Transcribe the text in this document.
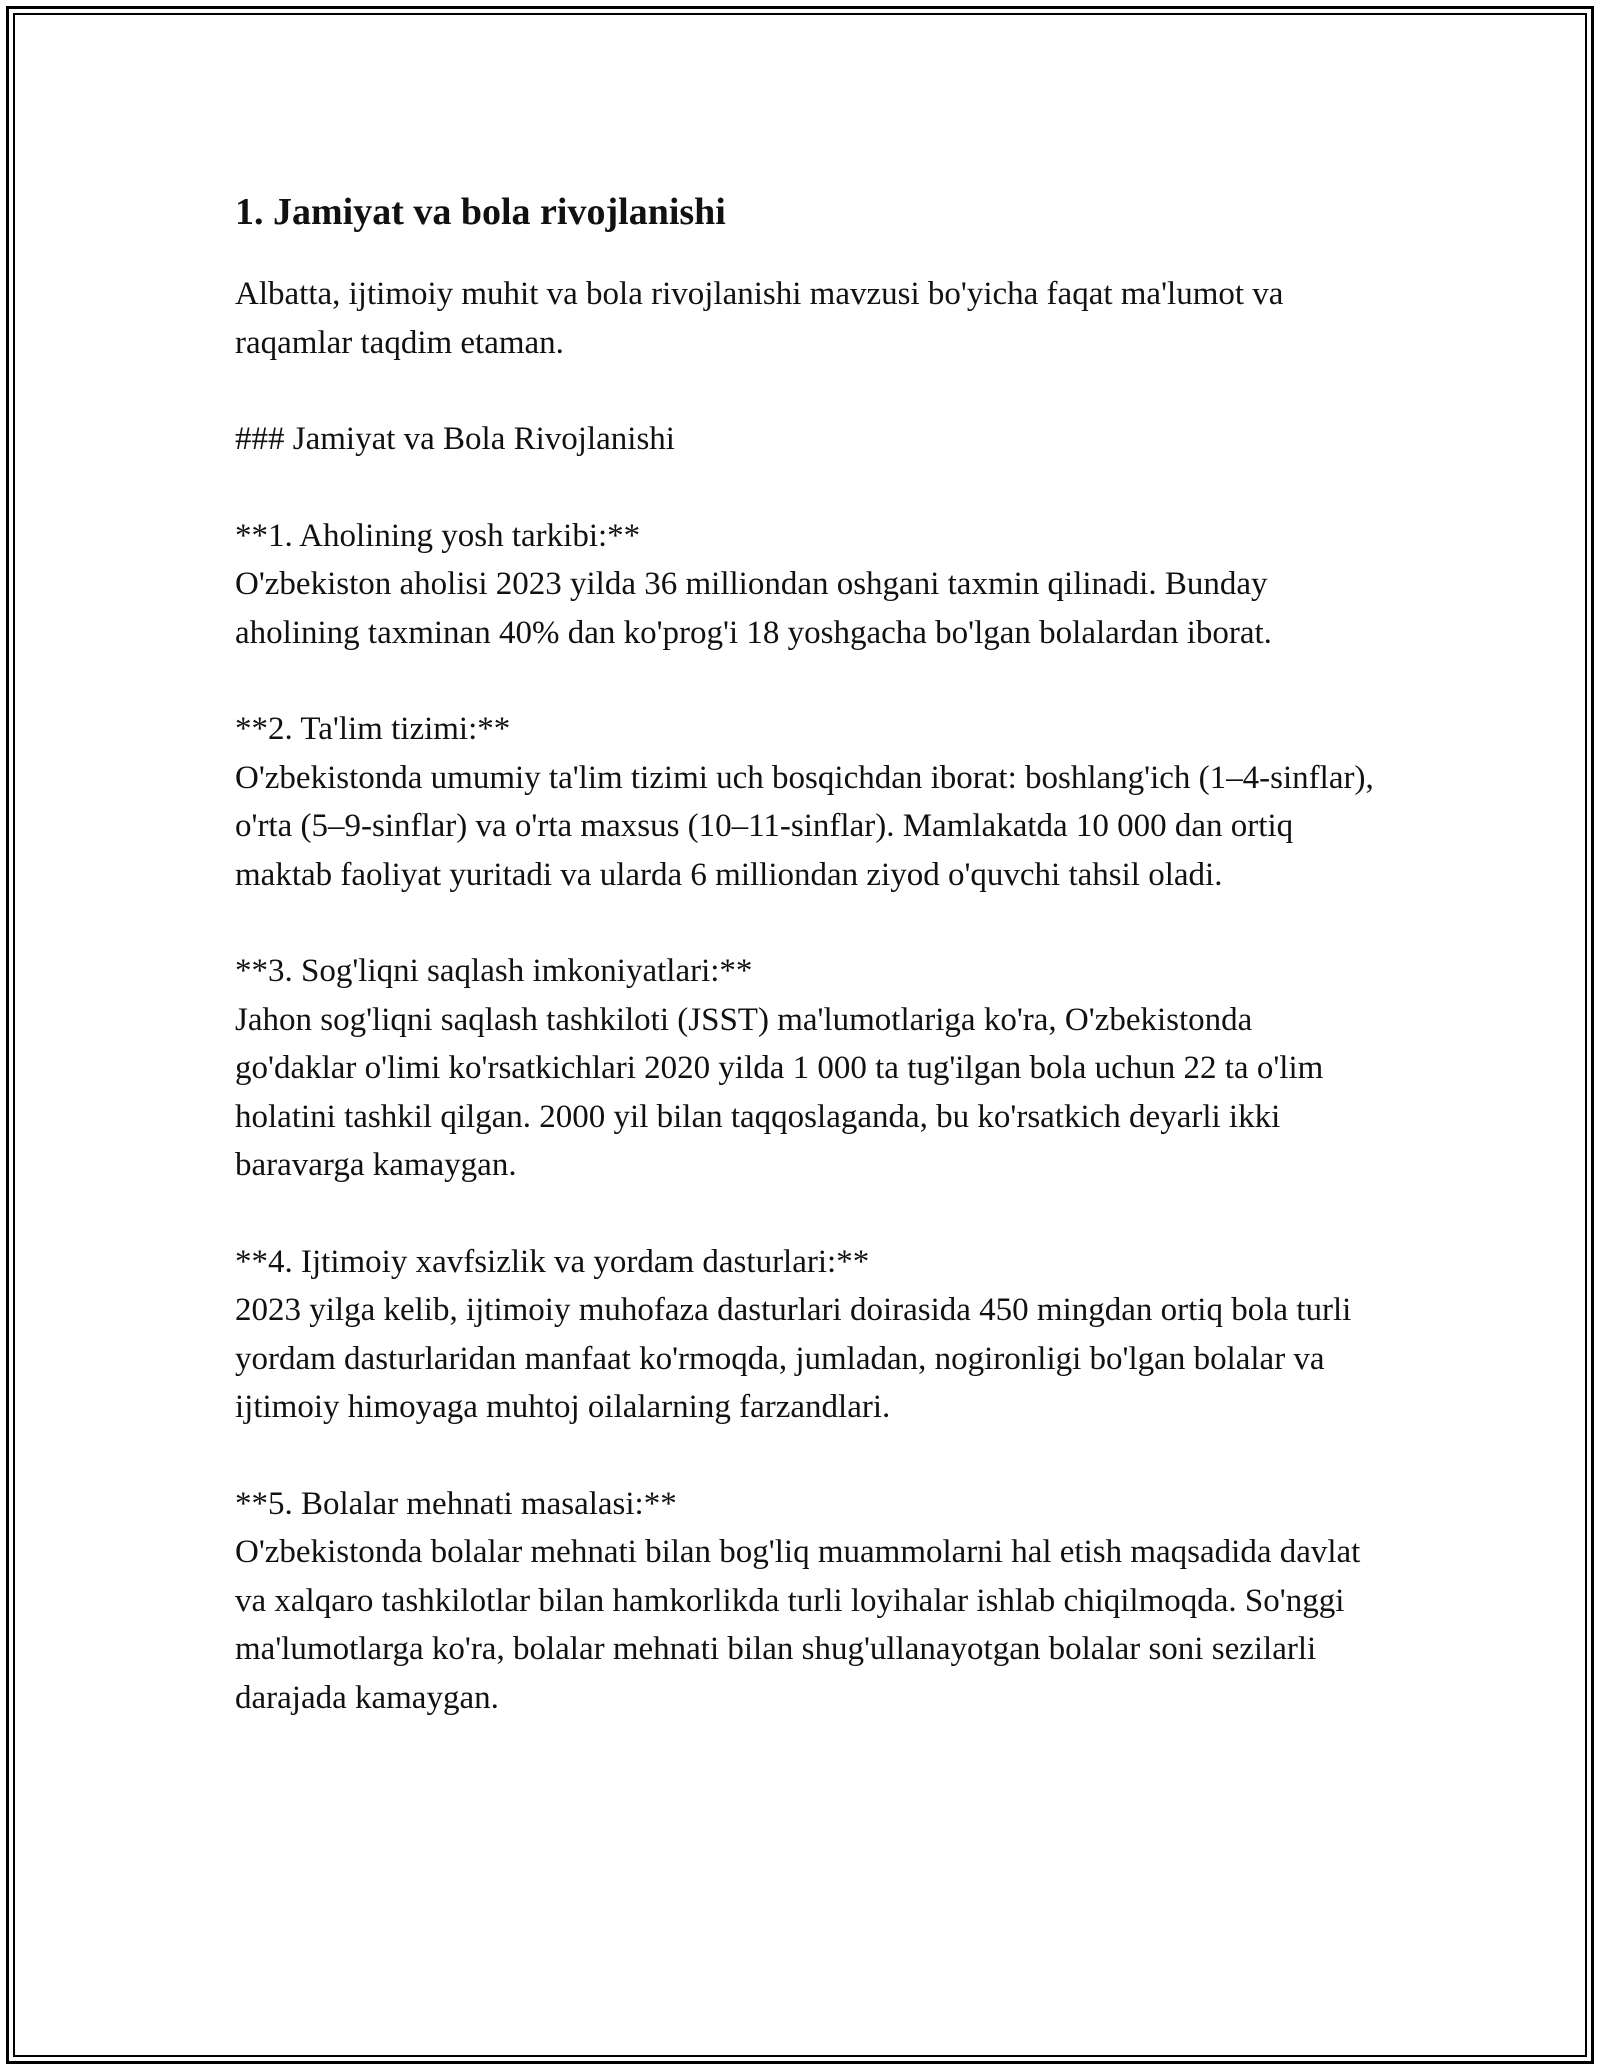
1. Jamiyat va bola rivojlanishi

Albatta, ijtimoiy muhit va bola rivojlanishi mavzusi bo'yicha faqat ma'lumot va raqamlar taqdim etaman.

### Jamiyat va Bola Rivojlanishi

**1. Aholining yosh tarkibi:**
O'zbekiston aholisi 2023 yilda 36 milliondan oshgani taxmin qilinadi. Bunday aholining taxminan 40% dan ko'prog'i 18 yoshgacha bo'lgan bolalardan iborat.

**2. Ta'lim tizimi:**
O'zbekistonda umumiy ta'lim tizimi uch bosqichdan iborat: boshlang'ich (1–4-sinflar), o'rta (5–9-sinflar) va o'rta maxsus (10–11-sinflar). Mamlakatda 10 000 dan ortiq maktab faoliyat yuritadi va ularda 6 milliondan ziyod o'quvchi tahsil oladi.

**3. Sog'liqni saqlash imkoniyatlari:**
Jahon sog'liqni saqlash tashkiloti (JSST) ma'lumotlariga ko'ra, O'zbekistonda go'daklar o'limi ko'rsatkichlari 2020 yilda 1 000 ta tug'ilgan bola uchun 22 ta o'lim holatini tashkil qilgan. 2000 yil bilan taqqoslaganda, bu ko'rsatkich deyarli ikki baravarga kamaygan.

**4. Ijtimoiy xavfsizlik va yordam dasturlari:**
2023 yilga kelib, ijtimoiy muhofaza dasturlari doirasida 450 mingdan ortiq bola turli yordam dasturlaridan manfaat ko'rmoqda, jumladan, nogironligi bo'lgan bolalar va ijtimoiy himoyaga muhtoj oilalarning farzandlari.

**5. Bolalar mehnati masalasi:**
O'zbekistonda bolalar mehnati bilan bog'liq muammolarni hal etish maqsadida davlat va xalqaro tashkilotlar bilan hamkorlikda turli loyihalar ishlab chiqilmoqda. So'nggi ma'lumotlarga ko'ra, bolalar mehnati bilan shug'ullanayotgan bolalar soni sezilarli darajada kamaygan.
